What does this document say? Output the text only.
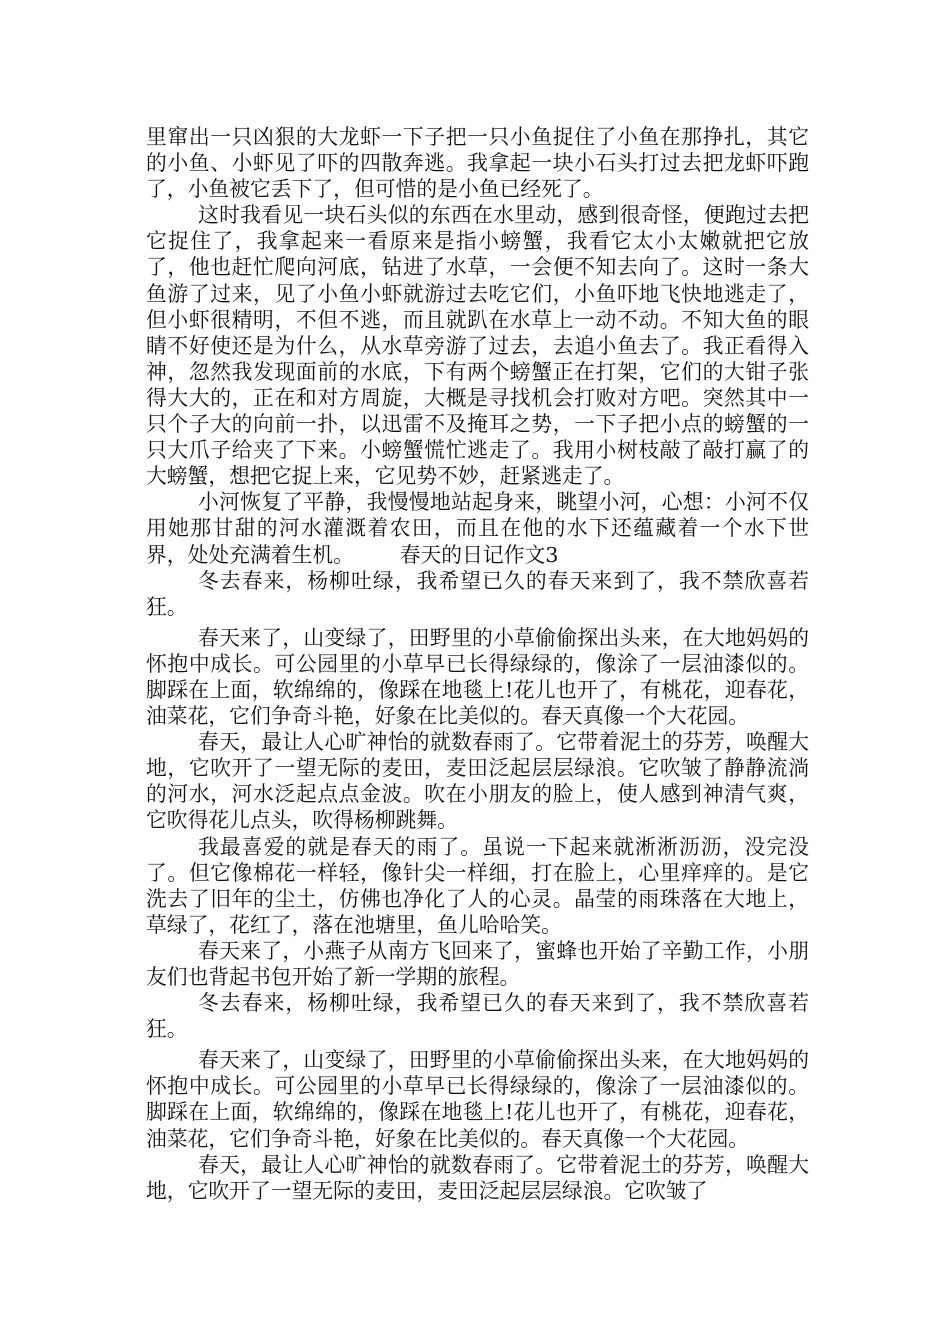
里窜出一只凶狠的大龙虾一下子把一只小鱼捉住了小鱼在那挣扎，其它的小鱼、小虾见了吓的四散奔逃。我拿起一块小石头打过去把龙虾吓跑了，小鱼被它丢下了，但可惜的是小鱼已经死了。

这时我看见一块石头似的东西在水里动，感到很奇怪，便跑过去把它捉住了，我拿起来一看原来是指小螃蟹，我看它太小太嫩就把它放了，他也赶忙爬向河底，钻进了水草，一会便不知去向了。这时一条大鱼游了过来，见了小鱼小虾就游过去吃它们，小鱼吓地飞快地逃走了，但小虾很精明，不但不逃，而且就趴在水草上一动不动。不知大鱼的眼睛不好使还是为什么，从水草旁游了过去，去追小鱼去了。我正看得入神，忽然我发现面前的水底，下有两个螃蟹正在打架，它们的大钳子张得大大的，正在和对方周旋，大概是寻找机会打败对方吧。突然其中一只个子大的向前一扑，以迅雷不及掩耳之势，一下子把小点的螃蟹的一只大爪子给夹了下来。小螃蟹慌忙逃走了。我用小树枝敲了敲打赢了的大螃蟹，想把它捉上来，它见势不妙，赶紧逃走了。

小河恢复了平静，我慢慢地站起身来，眺望小河，心想：小河不仅用她那甘甜的河水灌溉着农田，而且在他的水下还蕴藏着一个水下世界，处处充满着生机。 春天的日记作文3

冬去春来，杨柳吐绿，我希望已久的春天来到了，我不禁欣喜若狂。

春天来了，山变绿了，田野里的小草偷偷探出头来，在大地妈妈的怀抱中成长。可公园里的小草早已长得绿绿的，像涂了一层油漆似的。脚踩在上面，软绵绵的，像踩在地毯上!花儿也开了，有桃花，迎春花，油菜花，它们争奇斗艳，好象在比美似的。春天真像一个大花园。

春天，最让人心旷神怡的就数春雨了。它带着泥土的芬芳，唤醒大地，它吹开了一望无际的麦田，麦田泛起层层绿浪。它吹皱了静静流淌的河水，河水泛起点点金波。吹在小朋友的脸上，使人感到神清气爽，它吹得花儿点头，吹得杨柳跳舞。

我最喜爱的就是春天的雨了。虽说一下起来就淅淅沥沥，没完没了。但它像棉花一样轻，像针尖一样细，打在脸上，心里痒痒的。是它洗去了旧年的尘土，仿佛也净化了人的心灵。晶莹的雨珠落在大地上，草绿了，花红了，落在池塘里，鱼儿哈哈笑。

春天来了，小燕子从南方飞回来了，蜜蜂也开始了辛勤工作，小朋友们也背起书包开始了新一学期的旅程。

冬去春来，杨柳吐绿，我希望已久的春天来到了，我不禁欣喜若狂。

春天来了，山变绿了，田野里的小草偷偷探出头来，在大地妈妈的怀抱中成长。可公园里的小草早已长得绿绿的，像涂了一层油漆似的。脚踩在上面，软绵绵的，像踩在地毯上!花儿也开了，有桃花，迎春花，油菜花，它们争奇斗艳，好象在比美似的。春天真像一个大花园。

春天，最让人心旷神怡的就数春雨了。它带着泥土的芬芳，唤醒大地，它吹开了一望无际的麦田，麦田泛起层层绿浪。它吹皱了
